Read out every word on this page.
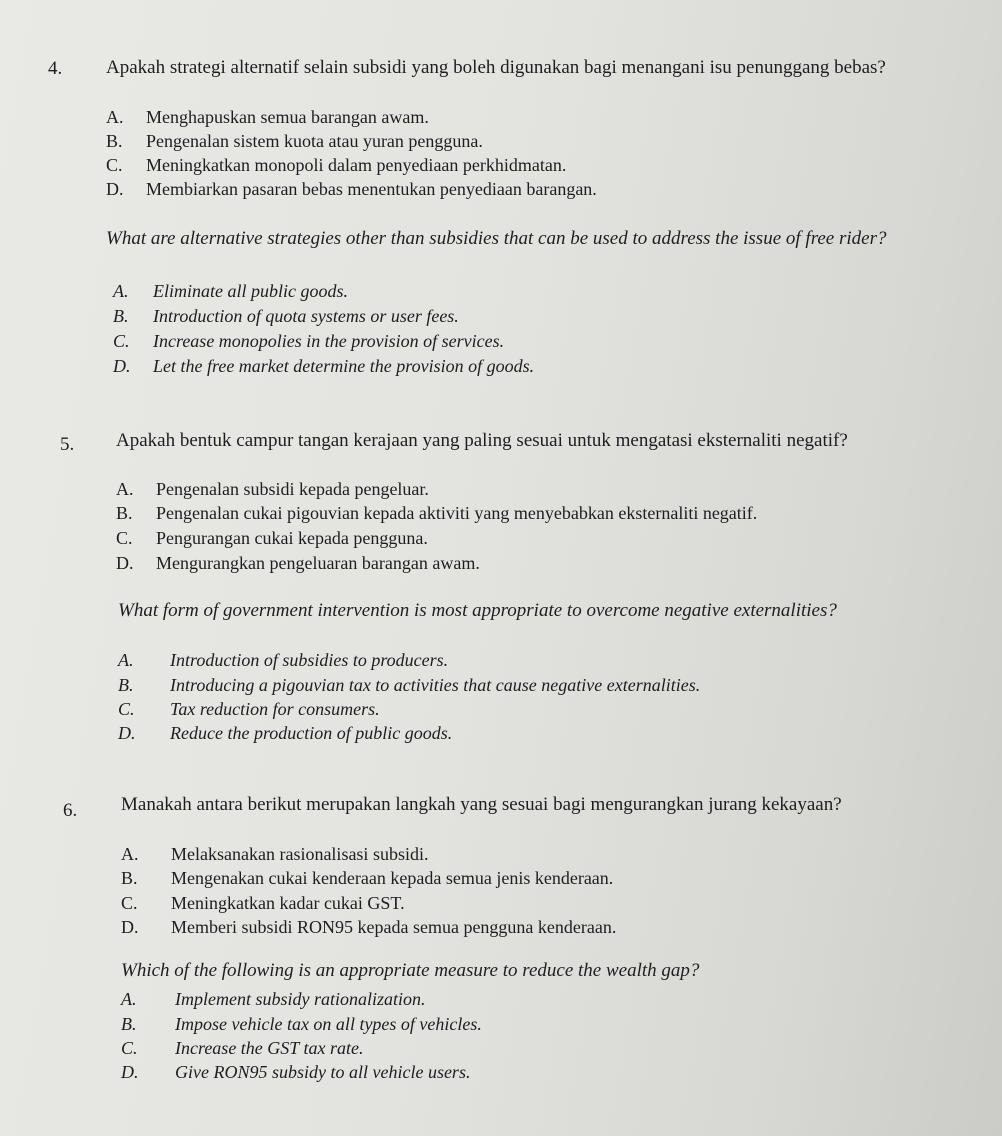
4. Apakah strategi alternatif selain subsidi yang boleh digunakan bagi menangani isu penunggang bebas?
A. Menghapuskan semua barangan awam.
B. Pengenalan sistem kuota atau yuran pengguna.
C. Meningkatkan monopoli dalam penyediaan perkhidmatan.
D. Membiarkan pasaran bebas menentukan penyediaan barangan.
What are alternative strategies other than subsidies that can be used to address the issue of free rider?
A. Eliminate all public goods.
B. Introduction of quota systems or user fees.
C. Increase monopolies in the provision of services.
D. Let the free market determine the provision of goods.
5. Apakah bentuk campur tangan kerajaan yang paling sesuai untuk mengatasi eksternaliti negatif?
A. Pengenalan subsidi kepada pengeluar.
B. Pengenalan cukai pigouvian kepada aktiviti yang menyebabkan eksternaliti negatif.
C. Pengurangan cukai kepada pengguna.
D. Mengurangkan pengeluaran barangan awam.
What form of government intervention is most appropriate to overcome negative externalities?
A. Introduction of subsidies to producers.
B. Introducing a pigouvian tax to activities that cause negative externalities.
C. Tax reduction for consumers.
D. Reduce the production of public goods.
6. Manakah antara berikut merupakan langkah yang sesuai bagi mengurangkan jurang kekayaan?
A. Melaksanakan rasionalisasi subsidi.
B. Mengenakan cukai kenderaan kepada semua jenis kenderaan.
C. Meningkatkan kadar cukai GST.
D. Memberi subsidi RON95 kepada semua pengguna kenderaan.
Which of the following is an appropriate measure to reduce the wealth gap?
A. Implement subsidy rationalization.
B. Impose vehicle tax on all types of vehicles.
C. Increase the GST tax rate.
D. Give RON95 subsidy to all vehicle users.
